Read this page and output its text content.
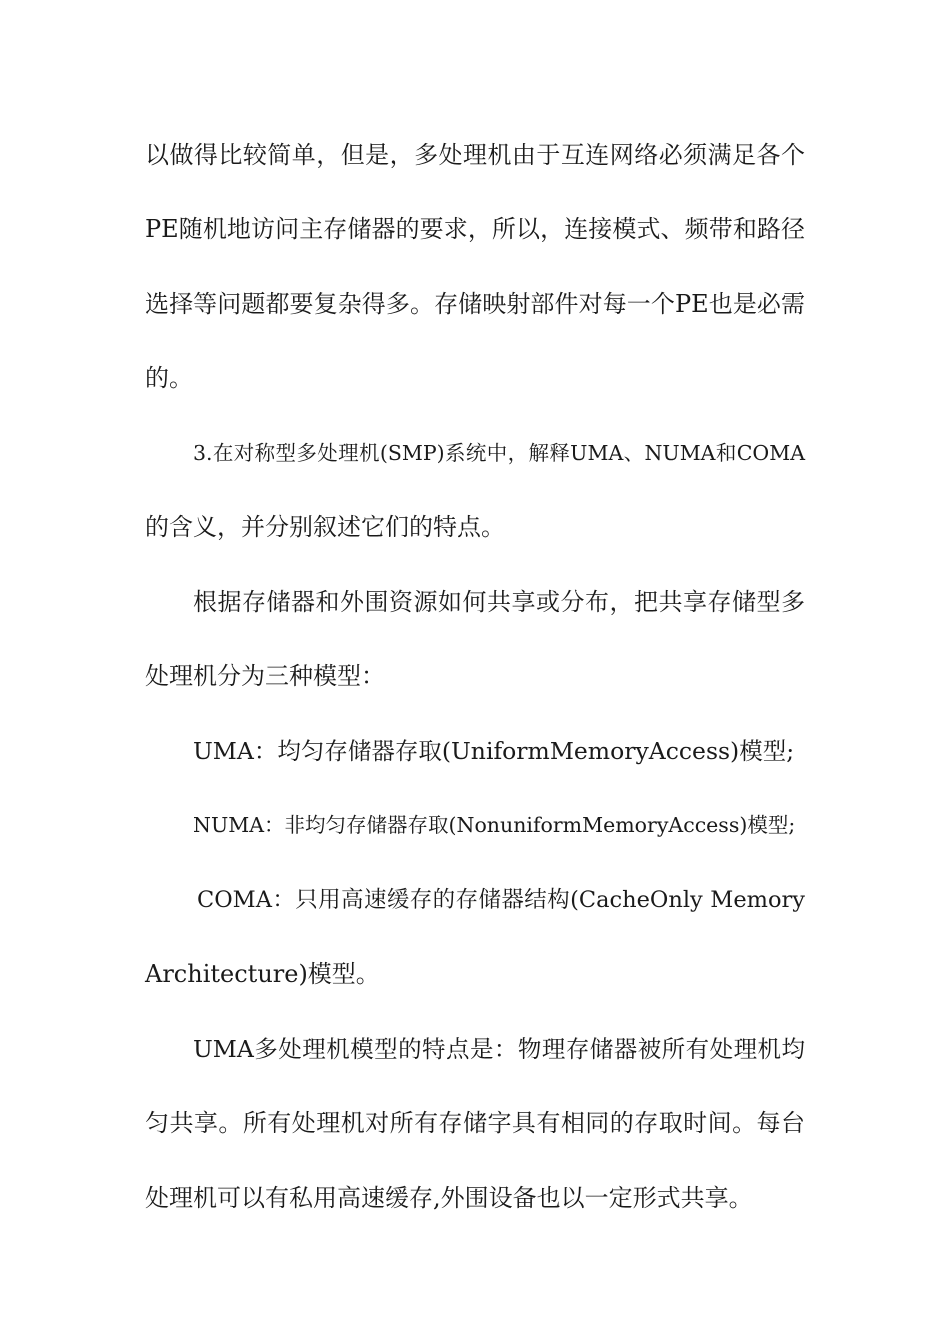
以做得比较简单，但是，多处理机由于互连网络必须满足各个
PE随机地访问主存储器的要求，所以，连接模式、频带和路径
选择等问题都要复杂得多。存储映射部件对每一个PE也是必需
的。
3.在对称型多处理机(SMP)系统中，解释UMA、NUMA和COMA
的含义，并分别叙述它们的特点。
根据存储器和外围资源如何共享或分布，把共享存储型多
处理机分为三种模型：
UMA：均匀存储器存取(UniformMemoryAccess)模型;
NUMA：非均匀存储器存取(NonuniformMemoryAccess)模型;
COMA：只用高速缓存的存储器结构(CacheOnly Memory
Architecture)模型。
UMA多处理机模型的特点是：物理存储器被所有处理机均
匀共享。所有处理机对所有存储字具有相同的存取时间。每台
处理机可以有私用高速缓存,外围设备也以一定形式共享。
